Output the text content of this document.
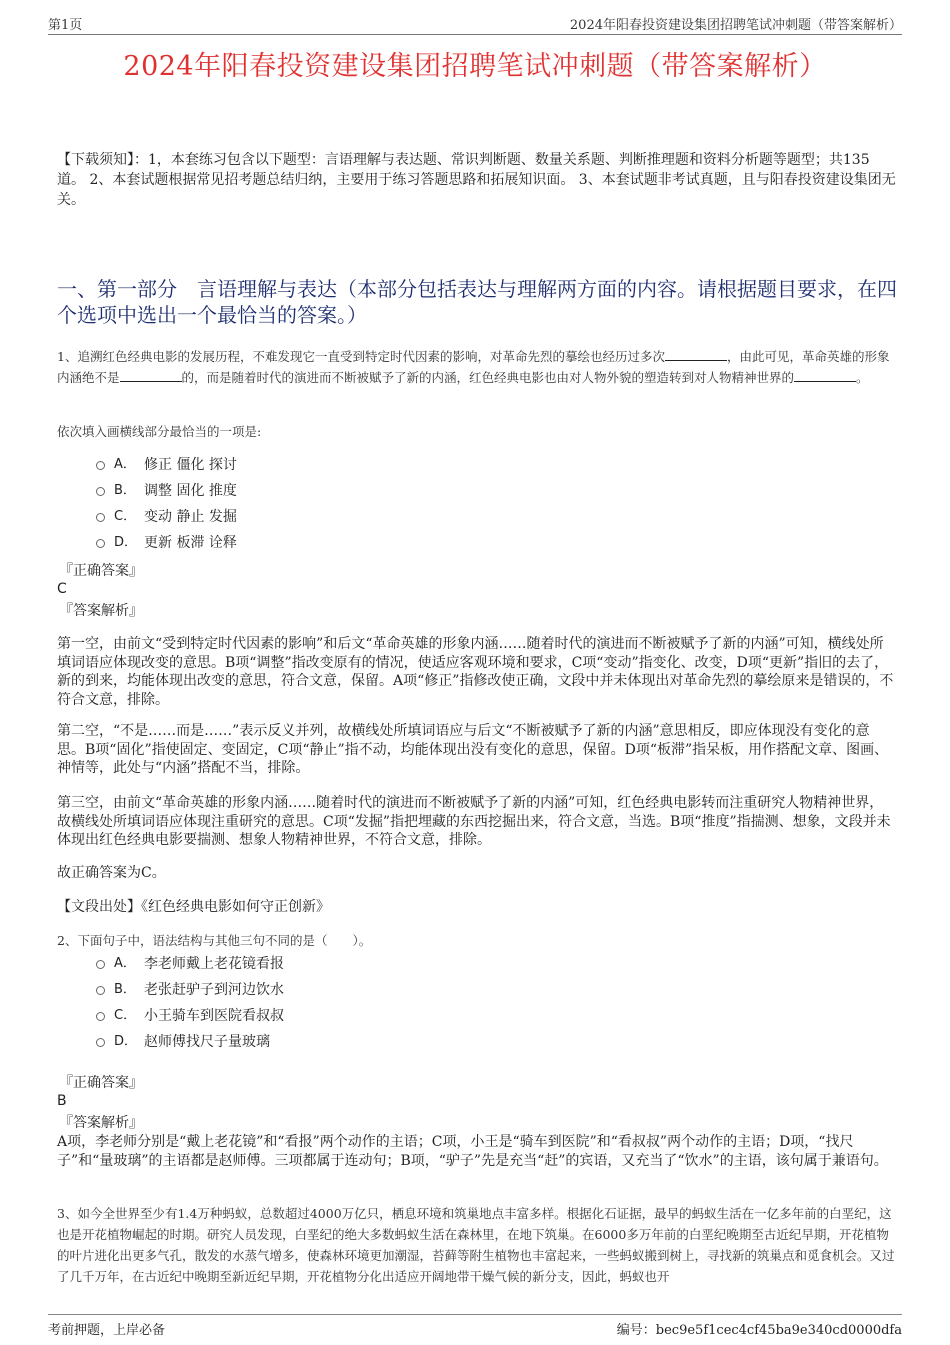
第1页	2024年阳春投资建设集团招聘笔试冲刺题（带答案解析）
2024年阳春投资建设集团招聘笔试冲刺题（带答案解析）
【下载须知】：1，本套练习包含以下题型：言语理解与表达题、常识判断题、数量关系题、判断推理题和资料分析题等题型；共135道。 2、本套试题根据常见招考题总结归纳，主要用于练习答题思路和拓展知识面。 3、本套试题非考试真题，且与阳春投资建设集团无关。
一、第一部分　言语理解与表达（本部分包括表达与理解两方面的内容。请根据题目要求，在四个选项中选出一个最恰当的答案。）
1、追溯红色经典电影的发展历程，不难发现它一直受到特定时代因素的影响，对革命先烈的摹绘也经历过多次	，由此可见，革命英雄的形象内涵绝不是	的，而是随着时代的演进而不断被赋予了新的内涵，红色经典电影也由对人物外貌的塑造转到对人物精神世界的	。
依次填入画横线部分最恰当的一项是:
A． 修正 僵化 探讨
B． 调整 固化 推度
C． 变动 静止 发掘
D． 更新 板滞 诠释
『正确答案』
C
『答案解析』
第一空，由前文“受到特定时代因素的影响”和后文“革命英雄的形象内涵……随着时代的演进而不断被赋予了新的内涵”可知，横线处所填词语应体现改变的意思。B项“调整”指改变原有的情况，使适应客观环境和要求，C项“变动”指变化、改变，D项“更新”指旧的去了，新的到来，均能体现出改变的意思，符合文意，保留。A项“修正”指修改使正确，文段中并未体现出对革命先烈的摹绘原来是错误的，不符合文意，排除。
第二空，“不是……而是……”表示反义并列，故横线处所填词语应与后文“不断被赋予了新的内涵”意思相反，即应体现没有变化的意思。B项“固化”指使固定、变固定，C项“静止”指不动，均能体现出没有变化的意思，保留。D项“板滞”指呆板，用作搭配文章、图画、神情等，此处与“内涵”搭配不当，排除。
第三空，由前文“革命英雄的形象内涵……随着时代的演进而不断被赋予了新的内涵”可知，红色经典电影转而注重研究人物精神世界，故横线处所填词语应体现注重研究的意思。C项“发掘”指把埋藏的东西挖掘出来，符合文意，当选。B项“推度”指揣测、想象，文段并未体现出红色经典电影要揣测、想象人物精神世界，不符合文意，排除。
故正确答案为C。
【文段出处】《红色经典电影如何守正创新》
2、下面句子中，语法结构与其他三句不同的是（　　）。
A． 李老师戴上老花镜看报
B． 老张赶驴子到河边饮水
C． 小王骑车到医院看叔叔
D． 赵师傅找尺子量玻璃
『正确答案』
B
『答案解析』
A项，李老师分别是“戴上老花镜”和“看报”两个动作的主语；C项，小王是“骑车到医院”和“看叔叔”两个动作的主语；D项，“找尺子”和“量玻璃”的主语都是赵师傅。三项都属于连动句；B项，“驴子”先是充当“赶”的宾语，又充当了“饮水”的主语，该句属于兼语句。
3、如今全世界至少有1.4万种蚂蚁，总数超过4000万亿只，栖息环境和筑巢地点丰富多样。根据化石证据，最早的蚂蚁生活在一亿多年前的白垩纪，这也是开花植物崛起的时期。研究人员发现，白垩纪的绝大多数蚂蚁生活在森林里，在地下筑巢。在6000多万年前的白垩纪晚期至古近纪早期，开花植物的叶片进化出更多气孔，散发的水蒸气增多，使森林环境更加潮湿，苔藓等附生植物也丰富起来，一些蚂蚁搬到树上，寻找新的筑巢点和觅食机会。又过了几千万年，在古近纪中晚期至新近纪早期，开花植物分化出适应开阔地带干燥气候的新分支，因此，蚂蚁也开
考前押题，上岸必备	编号：bec9e5f1cec4cf45ba9e340cd0000dfa
